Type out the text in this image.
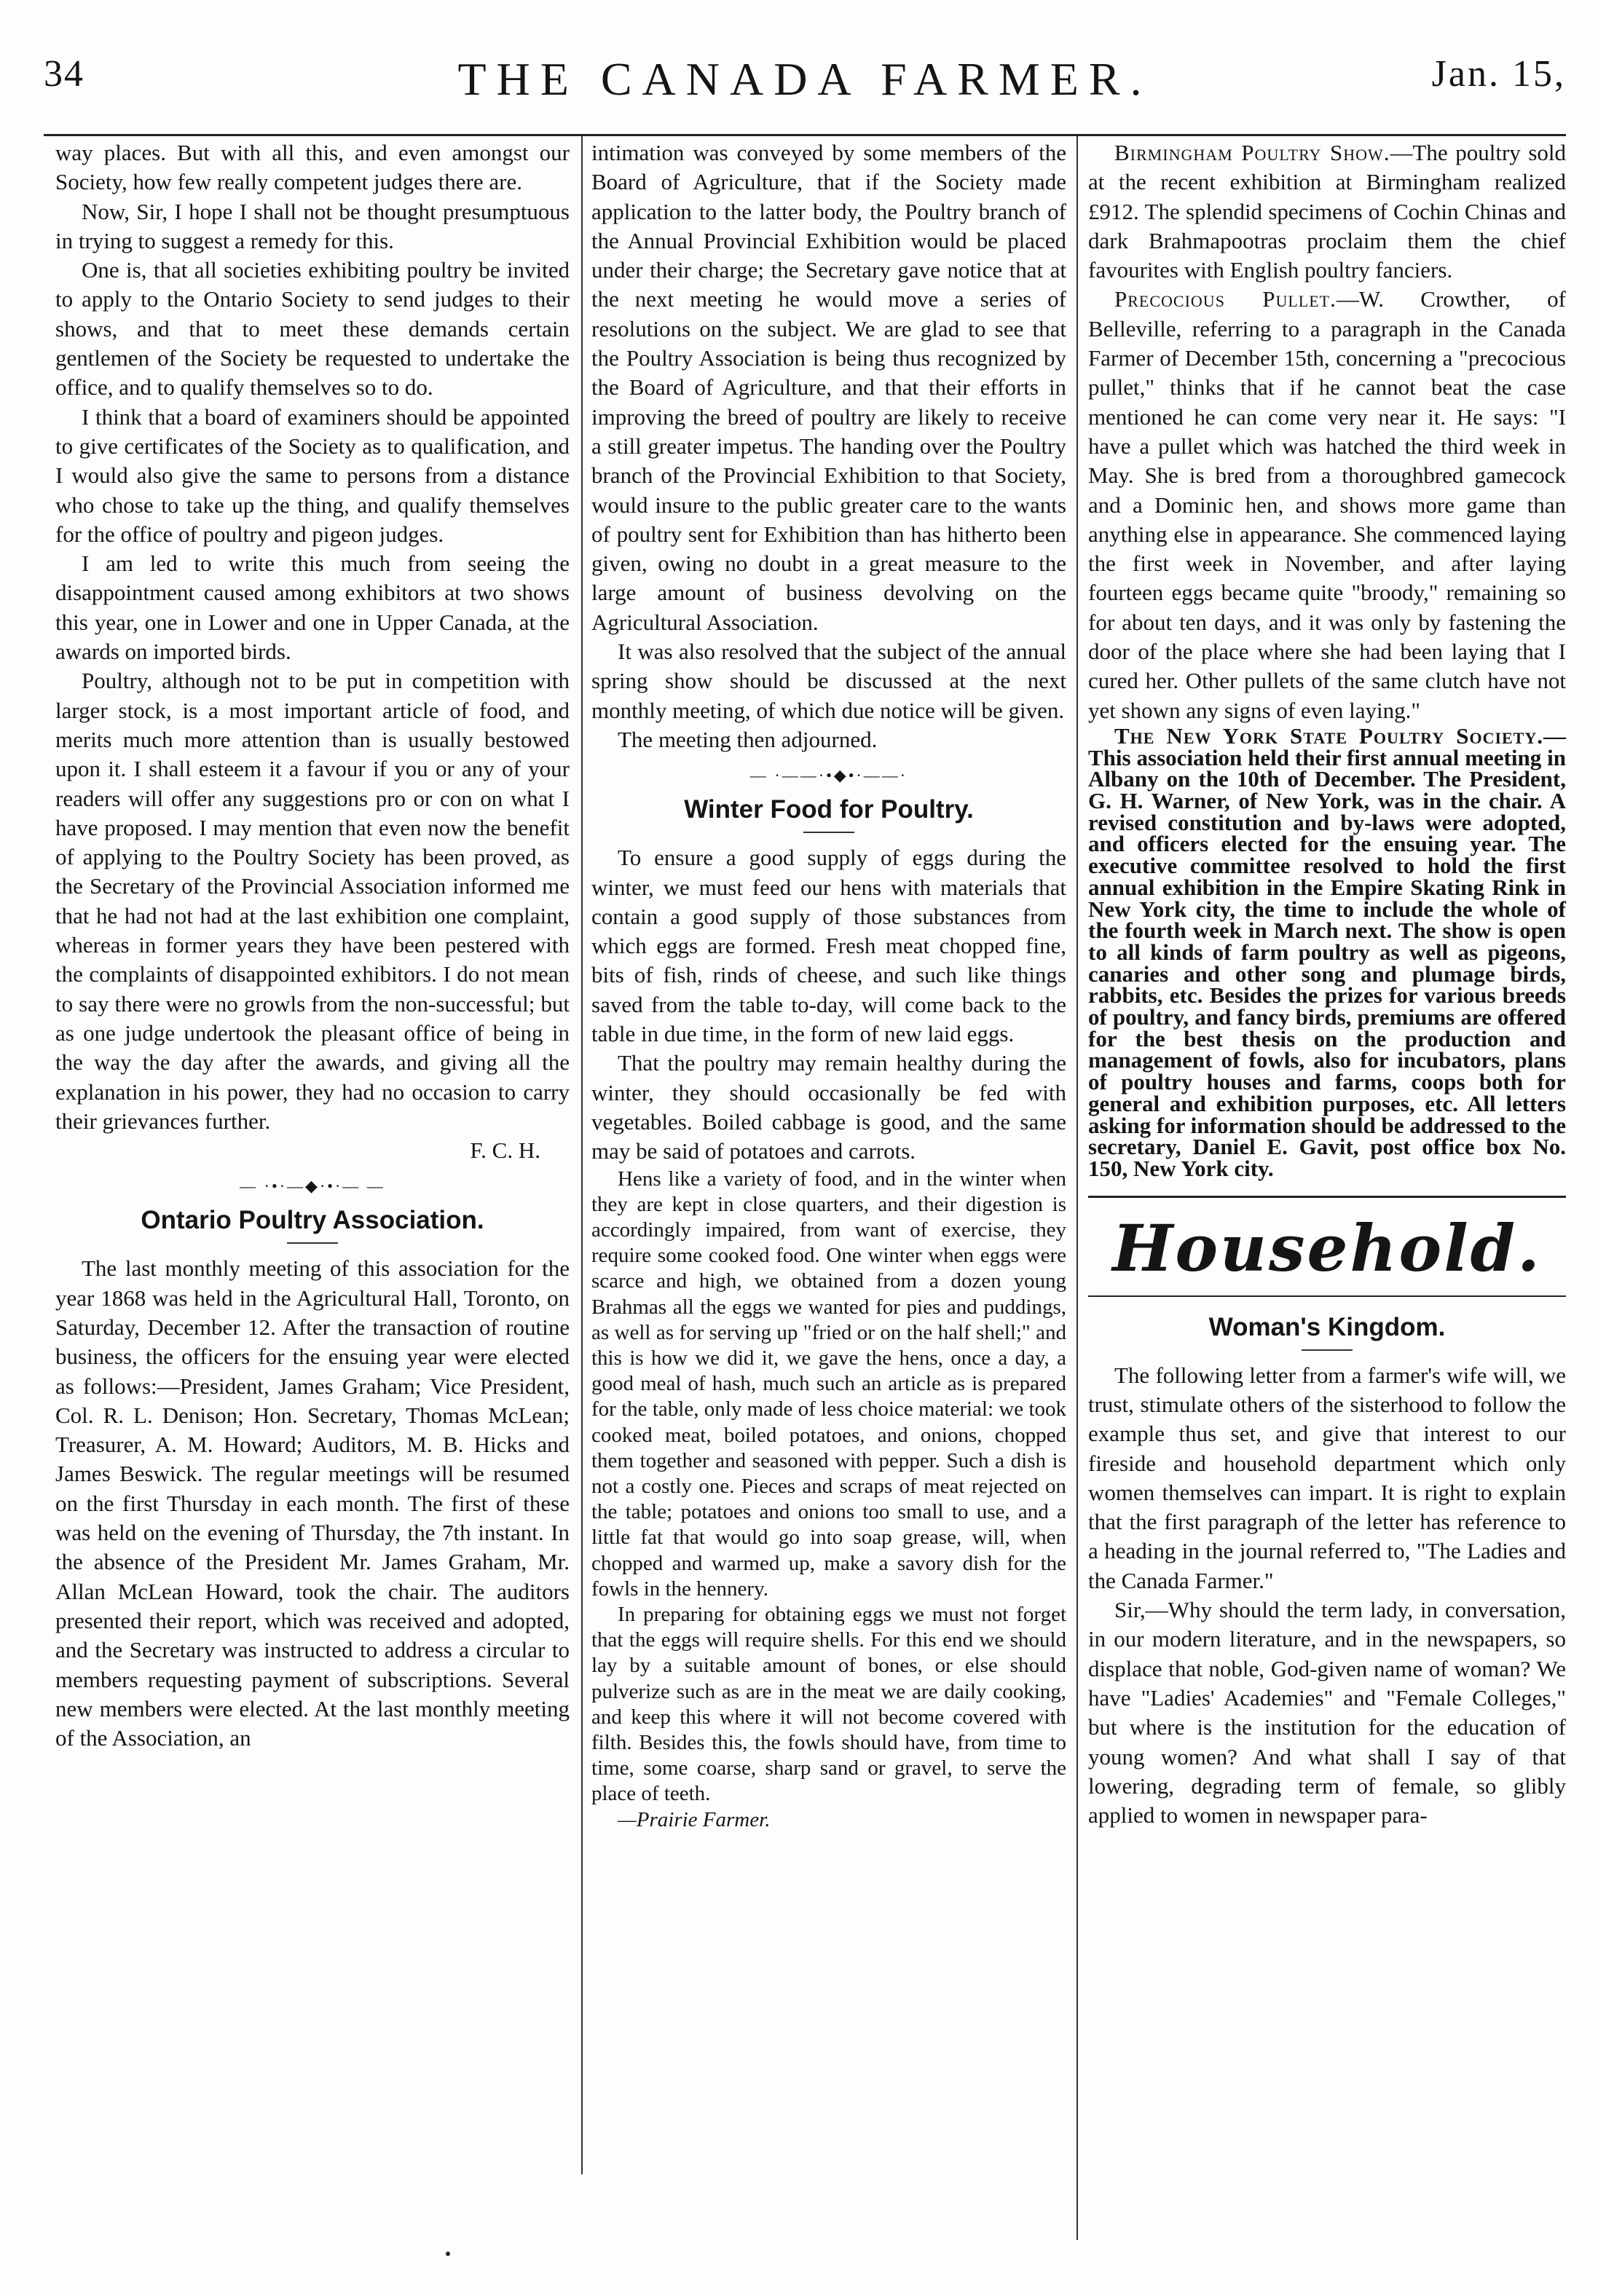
34	THE CANADA FARMER.	Jan. 15,

way places. But with all this, and even amongst our Society, how few really competent judges there are.

Now, Sir, I hope I shall not be thought presumptuous in trying to suggest a remedy for this.

One is, that all societies exhibiting poultry be invited to apply to the Ontario Society to send judges to their shows, and that to meet these demands certain gentlemen of the Society be requested to undertake the office, and to qualify themselves so to do.

I think that a board of examiners should be appointed to give certificates of the Society as to qualification, and I would also give the same to persons from a distance who chose to take up the thing, and qualify themselves for the office of poultry and pigeon judges.

I am led to write this much from seeing the disappointment caused among exhibitors at two shows this year, one in Lower and one in Upper Canada, at the awards on imported birds.

Poultry, although not to be put in competition with larger stock, is a most important article of food, and merits much more attention than is usually bestowed upon it. I shall esteem it a favour if you or any of your readers will offer any suggestions pro or con on what I have proposed. I may mention that even now the benefit of applying to the Poultry Society has been proved, as the Secretary of the Provincial Association informed me that he had not had at the last exhibition one complaint, whereas in former years they have been pestered with the complaints of disappointed exhibitors. I do not mean to say there were no growls from the non-successful; but as one judge undertook the pleasant office of being in the way the day after the awards, and giving all the explanation in his power, they had no occasion to carry their grievances further.

F. C. H.

— ·•·—◆·•·— —
Ontario Poultry Association.

The last monthly meeting of this association for the year 1868 was held in the Agricultural Hall, Toronto, on Saturday, December 12. After the transaction of routine business, the officers for the ensuing year were elected as follows:—President, James Graham; Vice President, Col. R. L. Denison; Hon. Secretary, Thomas McLean; Treasurer, A. M. Howard; Auditors, M. B. Hicks and James Beswick. The regular meetings will be resumed on the first Thursday in each month. The first of these was held on the evening of Thursday, the 7th instant. In the absence of the President Mr. James Graham, Mr. Allan McLean Howard, took the chair. The auditors presented their report, which was received and adopted, and the Secretary was instructed to address a circular to members requesting payment of subscriptions. Several new members were elected. At the last monthly meeting of the Association, an

intimation was conveyed by some members of the Board of Agriculture, that if the Society made application to the latter body, the Poultry branch of the Annual Provincial Exhibition would be placed under their charge; the Secretary gave notice that at the next meeting he would move a series of resolutions on the subject. We are glad to see that the Poultry Association is being thus recognized by the Board of Agriculture, and that their efforts in improving the breed of poultry are likely to receive a still greater impetus. The handing over the Poultry branch of the Provincial Exhibition to that Society, would insure to the public greater care to the wants of poultry sent for Exhibition than has hitherto been given, owing no doubt in a great measure to the large amount of business devolving on the Agricultural Association.

It was also resolved that the subject of the annual spring show should be discussed at the next monthly meeting, of which due notice will be given.

The meeting then adjourned.

— ·——·•◆•·——·
Winter Food for Poultry.

To ensure a good supply of eggs during the winter, we must feed our hens with materials that contain a good supply of those substances from which eggs are formed. Fresh meat chopped fine, bits of fish, rinds of cheese, and such like things saved from the table to-day, will come back to the table in due time, in the form of new laid eggs.

That the poultry may remain healthy during the winter, they should occasionally be fed with vegetables. Boiled cabbage is good, and the same may be said of potatoes and carrots.

Hens like a variety of food, and in the winter when they are kept in close quarters, and their digestion is accordingly impaired, from want of exercise, they require some cooked food. One winter when eggs were scarce and high, we obtained from a dozen young Brahmas all the eggs we wanted for pies and puddings, as well as for serving up "fried or on the half shell;" and this is how we did it, we gave the hens, once a day, a good meal of hash, much such an article as is prepared for the table, only made of less choice material: we took cooked meat, boiled potatoes, and onions, chopped them together and seasoned with pepper. Such a dish is not a costly one. Pieces and scraps of meat rejected on the table; potatoes and onions too small to use, and a little fat that would go into soap grease, will, when chopped and warmed up, make a savory dish for the fowls in the hennery.

In preparing for obtaining eggs we must not forget that the eggs will require shells. For this end we should lay by a suitable amount of bones, or else should pulverize such as are in the meat we are daily cooking, and keep this where it will not become covered with filth. Besides this, the fowls should have, from time to time, some coarse, sharp sand or gravel, to serve the place of teeth.

—Prairie Farmer.

Birmingham Poultry Show.—The poultry sold at the recent exhibition at Birmingham realized £912. The splendid specimens of Cochin Chinas and dark Brahmapootras proclaim them the chief favourites with English poultry fanciers.

Precocious Pullet.—W. Crowther, of Belleville, referring to a paragraph in the Canada Farmer of December 15th, concerning a "precocious pullet," thinks that if he cannot beat the case mentioned he can come very near it. He says: "I have a pullet which was hatched the third week in May. She is bred from a thoroughbred gamecock and a Dominic hen, and shows more game than anything else in appearance. She commenced laying the first week in November, and after laying fourteen eggs became quite "broody," remaining so for about ten days, and it was only by fastening the door of the place where she had been laying that I cured her. Other pullets of the same clutch have not yet shown any signs of even laying."

The New York State Poultry Society.—This association held their first annual meeting in Albany on the 10th of December. The President, G. H. Warner, of New York, was in the chair. A revised constitution and by-laws were adopted, and officers elected for the ensuing year. The executive committee resolved to hold the first annual exhibition in the Empire Skating Rink in New York city, the time to include the whole of the fourth week in March next. The show is open to all kinds of farm poultry as well as pigeons, canaries and other song and plumage birds, rabbits, etc. Besides the prizes for various breeds of poultry, and fancy birds, premiums are offered for the best thesis on the production and management of fowls, also for incubators, plans of poultry houses and farms, coops both for general and exhibition purposes, etc. All letters asking for information should be addressed to the secretary, Daniel E. Gavit, post office box No. 150, New York city.

Household.
Woman's Kingdom.

The following letter from a farmer's wife will, we trust, stimulate others of the sisterhood to follow the example thus set, and give that interest to our fireside and household department which only women themselves can impart. It is right to explain that the first paragraph of the letter has reference to a heading in the journal referred to, "The Ladies and the Canada Farmer."

Sir,—Why should the term lady, in conversation, in our modern literature, and in the newspapers, so displace that noble, God-given name of woman? We have "Ladies' Academies" and "Female Colleges," but where is the institution for the education of young women? And what shall I say of that lowering, degrading term of female, so glibly applied to women in newspaper para-
